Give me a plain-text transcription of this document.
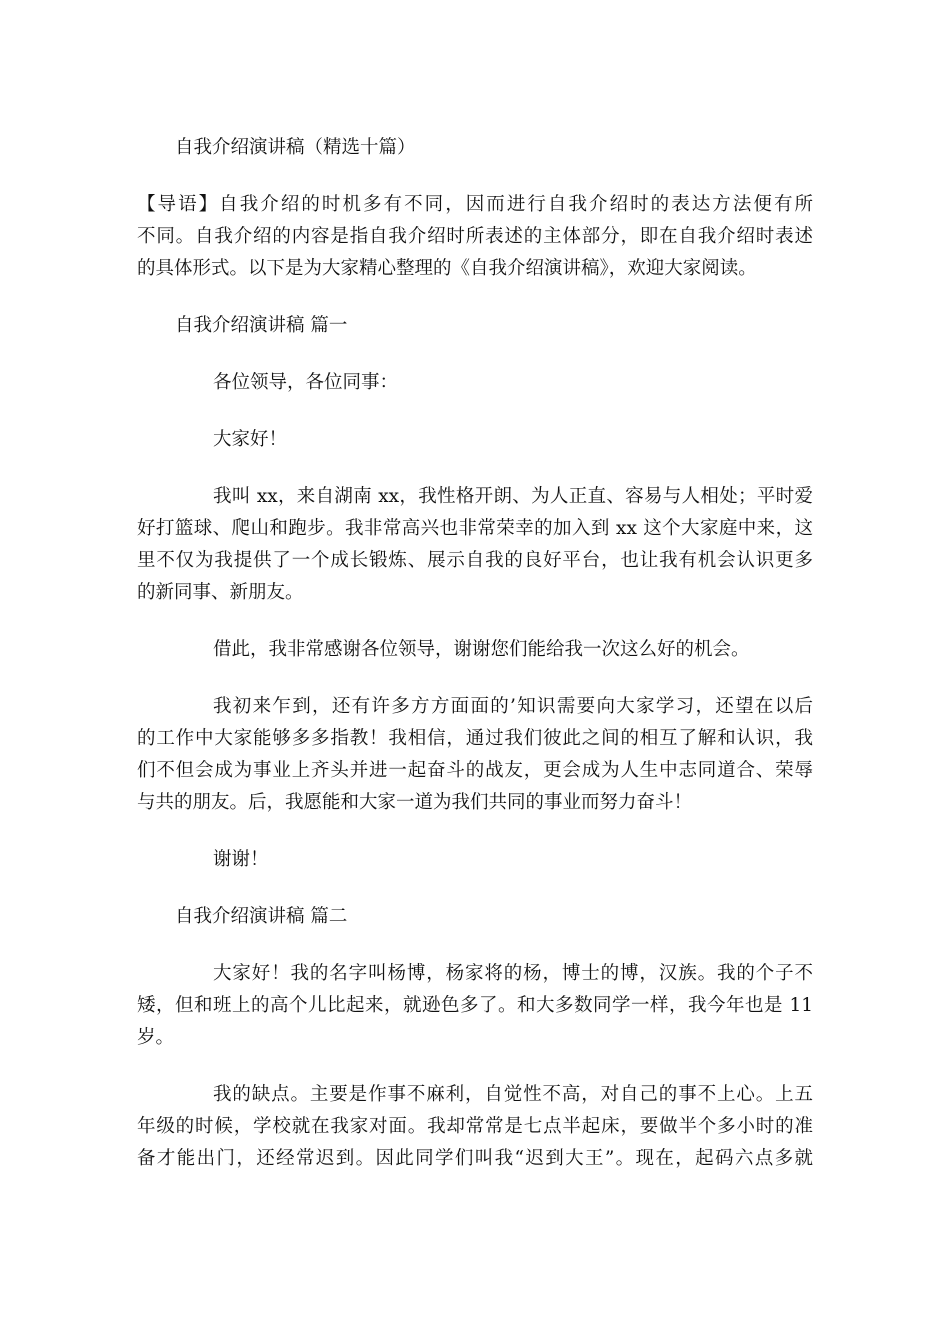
自我介绍演讲稿（精选十篇）
【导语】自我介绍的时机多有不同，因而进行自我介绍时的表达方法便有所
不同。自我介绍的内容是指自我介绍时所表述的主体部分，即在自我介绍时表述
的具体形式。以下是为大家精心整理的《自我介绍演讲稿》，欢迎大家阅读。
自我介绍演讲稿 篇一
各位领导，各位同事：
大家好！
我叫 xx，来自湖南 xx，我性格开朗、为人正直、容易与人相处；平时爱
好打篮球、爬山和跑步。我非常高兴也非常荣幸的加入到 xx 这个大家庭中来，这
里不仅为我提供了一个成长锻炼、展示自我的良好平台，也让我有机会认识更多
的新同事、新朋友。
借此，我非常感谢各位领导，谢谢您们能给我一次这么好的机会。
我初来乍到，还有许多方方面面的’知识需要向大家学习，还望在以后
的工作中大家能够多多指教！我相信，通过我们彼此之间的相互了解和认识，我
们不但会成为事业上齐头并进一起奋斗的战友，更会成为人生中志同道合、荣辱
与共的朋友。后，我愿能和大家一道为我们共同的事业而努力奋斗！
谢谢！
自我介绍演讲稿 篇二
大家好！我的名字叫杨博，杨家将的杨，博士的博，汉族。我的个子不
矮，但和班上的高个儿比起来，就逊色多了。和大多数同学一样，我今年也是 11
岁。
我的缺点。主要是作事不麻利，自觉性不高，对自己的事不上心。上五
年级的时候，学校就在我家对面。我却常常是七点半起床，要做半个多小时的准
备才能出门，还经常迟到。因此同学们叫我“迟到大王”。现在，起码六点多就
